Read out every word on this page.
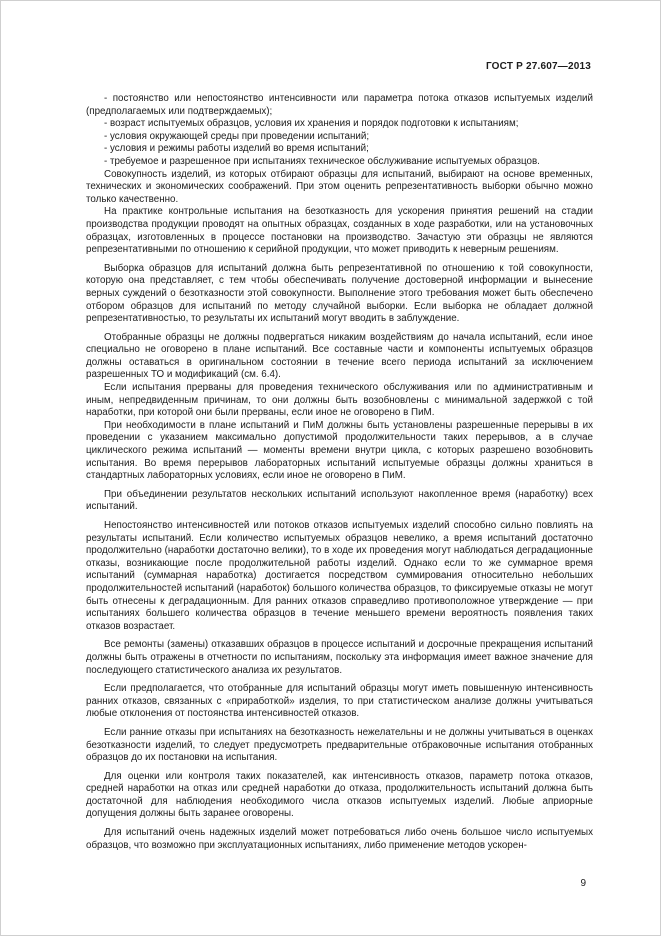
ГОСТ Р 27.607—2013

- постоянство или непостоянство интенсивности или параметра потока отказов испытуемых изделий (предполагаемых или подтверждаемых);

- возраст испытуемых образцов, условия их хранения и порядок подготовки к испытаниям;

- условия окружающей среды при проведении испытаний;

- условия и режимы работы изделий во время испытаний;

- требуемое и разрешенное при испытаниях техническое обслуживание испытуемых образцов.

Совокупность изделий, из которых отбирают образцы для испытаний, выбирают на основе временных, технических и экономических соображений. При этом оценить репрезентативность выборки обычно можно только качественно.

На практике контрольные испытания на безотказность для ускорения принятия решений на стадии производства продукции проводят на опытных образцах, созданных в ходе разработки, или на установочных образцах, изготовленных в процессе постановки на производство. Зачастую эти образцы не являются репрезентативными по отношению к серийной продукции, что может приводить к неверным решениям.

Выборка образцов для испытаний должна быть репрезентативной по отношению к той совокупности, которую она представляет, с тем чтобы обеспечивать получение достоверной информации и вынесение верных суждений о безотказности этой совокупности. Выполнение этого требования может быть обеспечено отбором образцов для испытаний по методу случайной выборки. Если выборка не обладает должной репрезентативностью, то результаты их испытаний могут вводить в заблуждение.

Отобранные образцы не должны подвергаться никаким воздействиям до начала испытаний, если иное специально не оговорено в плане испытаний. Все составные части и компоненты испытуемых образцов должны оставаться в оригинальном состоянии в течение всего периода испытаний за исключением разрешенных ТО и модификаций (см. 6.4).

Если испытания прерваны для проведения технического обслуживания или по административным и иным, непредвиденным причинам, то они должны быть возобновлены с минимальной задержкой с той наработки, при которой они были прерваны, если иное не оговорено в ПиМ.

При необходимости в плане испытаний и ПиМ должны быть установлены разрешенные перерывы в их проведении с указанием максимально допустимой продолжительности таких перерывов, а в случае циклического режима испытаний — моменты времени внутри цикла, с которых разрешено возобновить испытания. Во время перерывов лабораторных испытаний испытуемые образцы должны храниться в стандартных лабораторных условиях, если иное не оговорено в ПиМ.

При объединении результатов нескольких испытаний используют накопленное время (наработку) всех испытаний.

Непостоянство интенсивностей или потоков отказов испытуемых изделий способно сильно повлиять на результаты испытаний. Если количество испытуемых образцов невелико, а время испытаний достаточно продолжительно (наработки достаточно велики), то в ходе их проведения могут наблюдаться деградационные отказы, возникающие после продолжительной работы изделий. Однако если то же суммарное время испытаний (суммарная наработка) достигается посредством суммирования относительно небольших продолжительностей испытаний (наработок) большого количества образцов, то фиксируемые отказы не могут быть отнесены к деградационным. Для ранних отказов справедливо противоположное утверждение — при испытаниях большего количества образцов в течение меньшего времени вероятность появления таких отказов возрастает.

Все ремонты (замены) отказавших образцов в процессе испытаний и досрочные прекращения испытаний должны быть отражены в отчетности по испытаниям, поскольку эта информация имеет важное значение для последующего статистического анализа их результатов.

Если предполагается, что отобранные для испытаний образцы могут иметь повышенную интенсивность ранних отказов, связанных с «приработкой» изделия, то при статистическом анализе должны учитываться любые отклонения от постоянства интенсивностей отказов.

Если ранние отказы при испытаниях на безотказность нежелательны и не должны учитываться в оценках безотказности изделий, то следует предусмотреть предварительные отбраковочные испытания отобранных образцов до их постановки на испытания.

Для оценки или контроля таких показателей, как интенсивность отказов, параметр потока отказов, средней наработки на отказ или средней наработки до отказа, продолжительность испытаний должна быть достаточной для наблюдения необходимого числа отказов испытуемых изделий. Любые априорные допущения должны быть заранее оговорены.

Для испытаний очень надежных изделий может потребоваться либо очень большое число испытуемых образцов, что возможно при эксплуатационных испытаниях, либо применение методов ускорен-

9
